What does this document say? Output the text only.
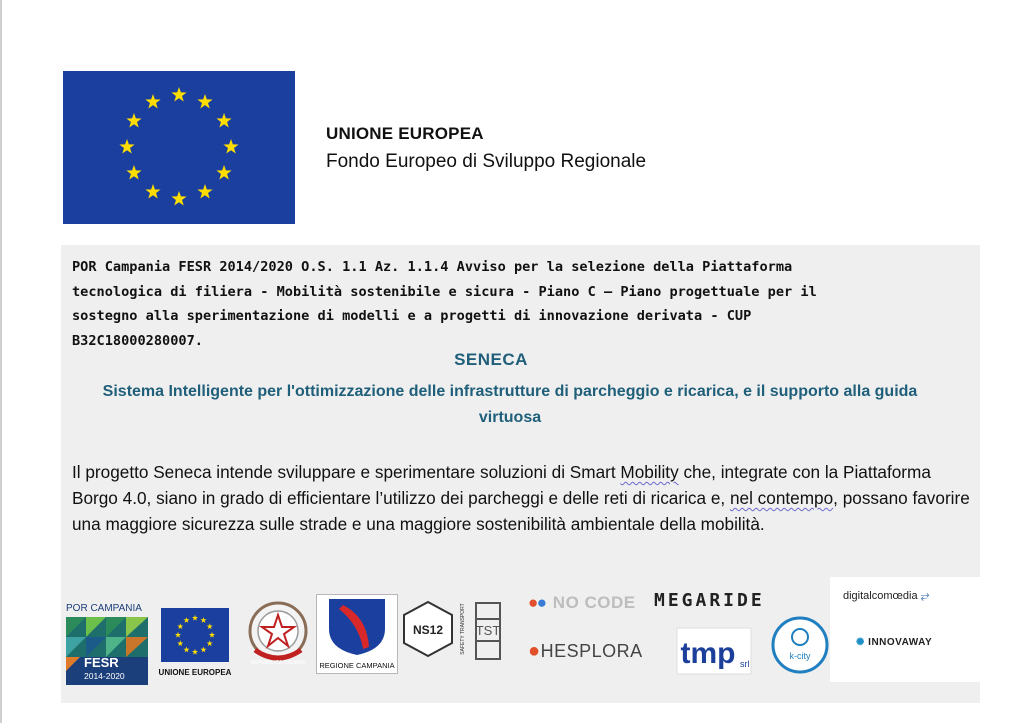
UNIONE EUROPEA
Fondo Europeo di Sviluppo Regionale
POR Campania FESR 2014/2020 O.S. 1.1 Az. 1.1.4 Avviso per la selezione della Piattaforma
tecnologica di filiera - Mobilità sostenibile e sicura - Piano C – Piano progettuale per il
sostegno alla sperimentazione di modelli e a progetti di innovazione derivata - CUP
B32C18000280007.
SENECA
Sistema Intelligente per l'ottimizzazione delle infrastrutture di parcheggio e ricarica, e il supporto alla guida virtuosa
Il progetto Seneca intende sviluppare e sperimentare soluzioni di Smart Mobility che, integrate con la Piattaforma Borgo 4.0, siano in grado di efficientare l’utilizzo dei parcheggi e delle reti di ricarica e, nel contempo, possano favorire una maggiore sicurezza sulle strade e una maggiore sostenibilità ambientale della mobilità.
POR CAMPANIA
FESR
2014-2020	UNIONE EUROPEA
REPUBBLICA ITALIANA	REGIONE CAMPANIA
NS12	TST
SAFETY TRANSPORT
●● NO CODE
●HESPLORA
MEGARIDE
tmp srl
k-city
digitalcomœdia ⥂
✺ INNOVAWAY
